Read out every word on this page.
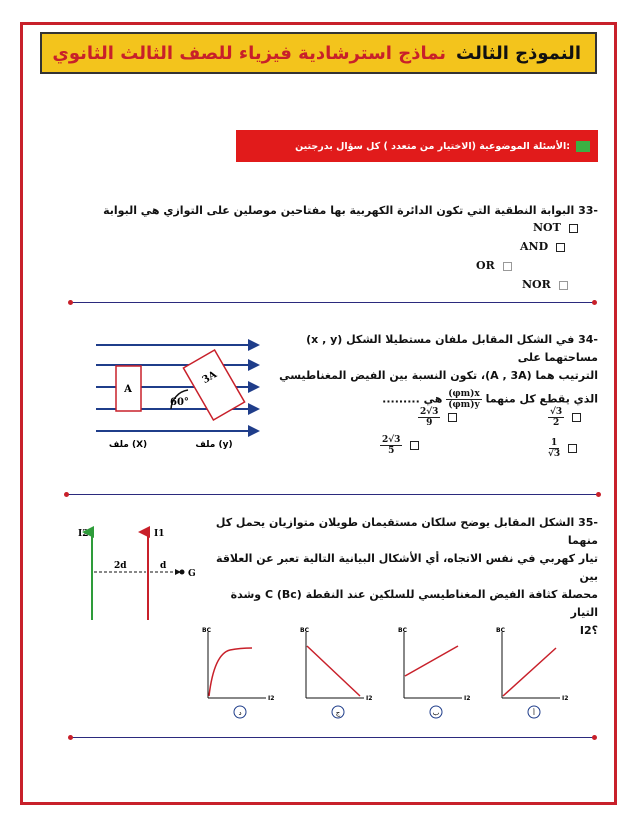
النموذج الثالث
نماذج استرشادية فيزياء للصف الثالث الثانوي
:الأسئلة الموضوعية (الاختيار من متعدد ) كل سؤال بدرجتين
-33 البوابة النطقية التي تكون الدائرة الكهربية بها مفتاحين موصلين على التوازي هي البوابة
NOT
AND
OR
NOR
-34 في الشكل المقابل ملفان مستطيلا الشكل (x , y) مساحتهما على
الترتيب هما (A , 3A)، تكون النسبة بين الفيض المغناطيسي
الذي يقطع كل منهما
$\frac{(\varphi m)x}{(\varphi m)y}$
هي .........
$\frac{√3}{2}$

$\frac{2√3}{9}$

$\frac{1}{√3}$

$\frac{2√3}{5}$

A
3A
60°
ملف (X)	ملف (y)
-35 الشكل المقابل يوضح سلكان مستقيمان طويلان متوازيان يحمل كل منهما
تيار كهربي في نفس الاتجاه، أي الأشكال البيانية التالية تعبر عن العلاقة بين
محصلة كثافة الفيض المغناطيسي للسلكين عند النقطة C (Bc) وشدة التيار
؟I2
I2	I1
2d	d
G
BC
I2
د
BC
I2
ج
BC
I2
ب
BC
I2
أ
